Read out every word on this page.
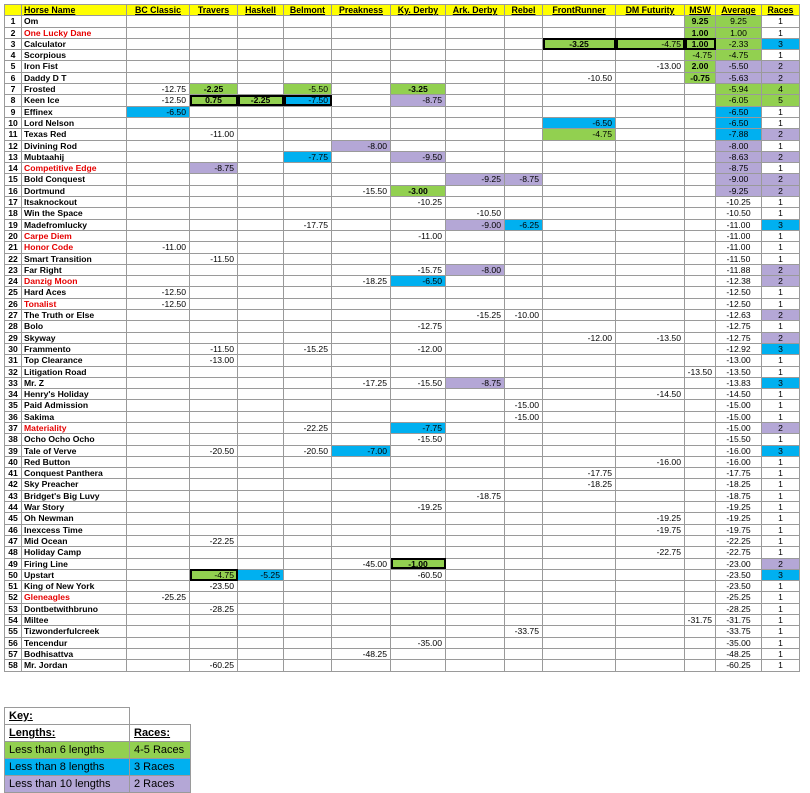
	Horse Name	BC Classic	Travers	Haskell	Belmont	Preakness	Ky. Derby	Ark. Derby	Rebel	FrontRunner	DM Futurity	MSW	Average	Races
1	Om											9.25	9.25	1
2	One Lucky Dane											1.00	1.00	1
3	Calculator									-3.25	-4.75	1.00	-2.33	3
4	Scorpious											-4.75	-4.75	1
5	Iron Fist										-13.00	2.00	-5.50	2
6	Daddy D T									-10.50		-0.75	-5.63	2
7	Frosted	-12.75	-2.25		-5.50		-3.25						-5.94	4
8	Keen Ice	-12.50	0.75	-2.25	-7.50		-8.75						-6.05	5
9	Effinex	-6.50											-6.50	1
10	Lord Nelson									-6.50			-6.50	1
11	Texas Red		-11.00							-4.75			-7.88	2
12	Divining Rod					-8.00							-8.00	1
13	Mubtaahij				-7.75		-9.50						-8.63	2
14	Competitive Edge		-8.75										-8.75	1
15	Bold Conquest							-9.25	-8.75				-9.00	2
16	Dortmund					-15.50	-3.00						-9.25	2
17	Itsaknockout						-10.25						-10.25	1
18	Win the Space							-10.50					-10.50	1
19	Madefromlucky				-17.75			-9.00	-6.25				-11.00	3
20	Carpe Diem						-11.00						-11.00	1
21	Honor Code	-11.00											-11.00	1
22	Smart Transition		-11.50										-11.50	1
23	Far Right						-15.75	-8.00					-11.88	2
24	Danzig Moon					-18.25	-6.50						-12.38	2
25	Hard Aces	-12.50											-12.50	1
26	Tonalist	-12.50											-12.50	1
27	The Truth or Else							-15.25	-10.00				-12.63	2
28	Bolo						-12.75						-12.75	1
29	Skyway									-12.00	-13.50		-12.75	2
30	Frammento		-11.50		-15.25		-12.00						-12.92	3
31	Top Clearance		-13.00										-13.00	1
32	Litigation Road											-13.50	-13.50	1
33	Mr. Z					-17.25	-15.50	-8.75					-13.83	3
34	Henry's Holiday										-14.50		-14.50	1
35	Paid Admission								-15.00				-15.00	1
36	Sakima								-15.00				-15.00	1
37	Materiality				-22.25		-7.75						-15.00	2
38	Ocho Ocho Ocho						-15.50						-15.50	1
39	Tale of Verve		-20.50		-20.50	-7.00							-16.00	3
40	Red Button										-16.00		-16.00	1
41	Conquest Panthera									-17.75			-17.75	1
42	Sky Preacher									-18.25			-18.25	1
43	Bridget's Big Luvy							-18.75					-18.75	1
44	War Story						-19.25						-19.25	1
45	Oh Newman										-19.25		-19.25	1
46	Inexcess Time										-19.75		-19.75	1
47	Mid Ocean		-22.25										-22.25	1
48	Holiday Camp										-22.75		-22.75	1
49	Firing Line					-45.00	-1.00						-23.00	2
50	Upstart		-4.75	-5.25			-60.50						-23.50	3
51	King of New York		-23.50										-23.50	1
52	Gleneagles	-25.25											-25.25	1
53	Dontbetwithbruno		-28.25										-28.25	1
54	Miltee											-31.75	-31.75	1
55	Tizwonderfulcreek								-33.75				-33.75	1
56	Tencendur						-35.00						-35.00	1
57	Bodhisattva					-48.25							-48.25	1
58	Mr. Jordan		-60.25										-60.25	1
Key:	
Lengths:	Races:
Less than 6 lengths	4-5 Races
Less than 8 lengths	3 Races
Less than 10 lengths	2 Races
